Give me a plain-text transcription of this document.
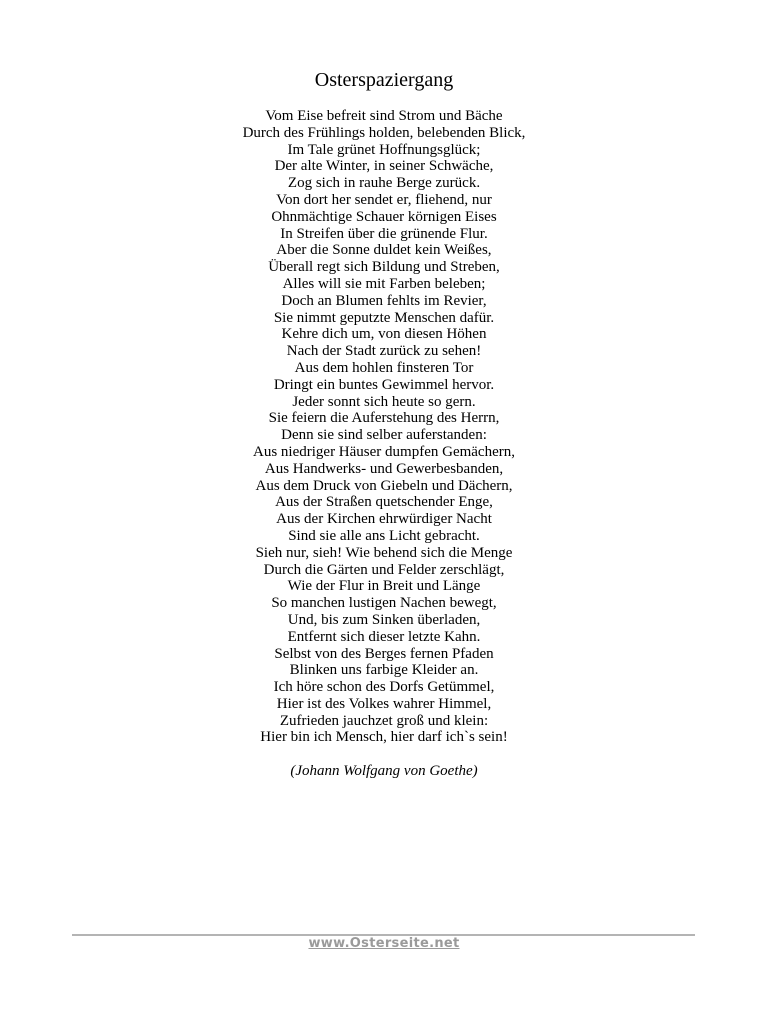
Osterspaziergang
Vom Eise befreit sind Strom und Bäche
Durch des Frühlings holden, belebenden Blick,
Im Tale grünet Hoffnungsglück;
Der alte Winter, in seiner Schwäche,
Zog sich in rauhe Berge zurück.
Von dort her sendet er, fliehend, nur
Ohnmächtige Schauer körnigen Eises
In Streifen über die grünende Flur.
Aber die Sonne duldet kein Weißes,
Überall regt sich Bildung und Streben,
Alles will sie mit Farben beleben;
Doch an Blumen fehlts im Revier,
Sie nimmt geputzte Menschen dafür.
Kehre dich um, von diesen Höhen
Nach der Stadt zurück zu sehen!
Aus dem hohlen finsteren Tor
Dringt ein buntes Gewimmel hervor.
Jeder sonnt sich heute so gern.
Sie feiern die Auferstehung des Herrn,
Denn sie sind selber auferstanden:
Aus niedriger Häuser dumpfen Gemächern,
Aus Handwerks- und Gewerbesbanden,
Aus dem Druck von Giebeln und Dächern,
Aus der Straßen quetschender Enge,
Aus der Kirchen ehrwürdiger Nacht
Sind sie alle ans Licht gebracht.
Sieh nur, sieh! Wie behend sich die Menge
Durch die Gärten und Felder zerschlägt,
Wie der Flur in Breit und Länge
So manchen lustigen Nachen bewegt,
Und, bis zum Sinken überladen,
Entfernt sich dieser letzte Kahn.
Selbst von des Berges fernen Pfaden
Blinken uns farbige Kleider an.
Ich höre schon des Dorfs Getümmel,
Hier ist des Volkes wahrer Himmel,
Zufrieden jauchzet groß und klein:
Hier bin ich Mensch, hier darf ich`s sein!
(Johann Wolfgang von Goethe)
www.Osterseite.net
